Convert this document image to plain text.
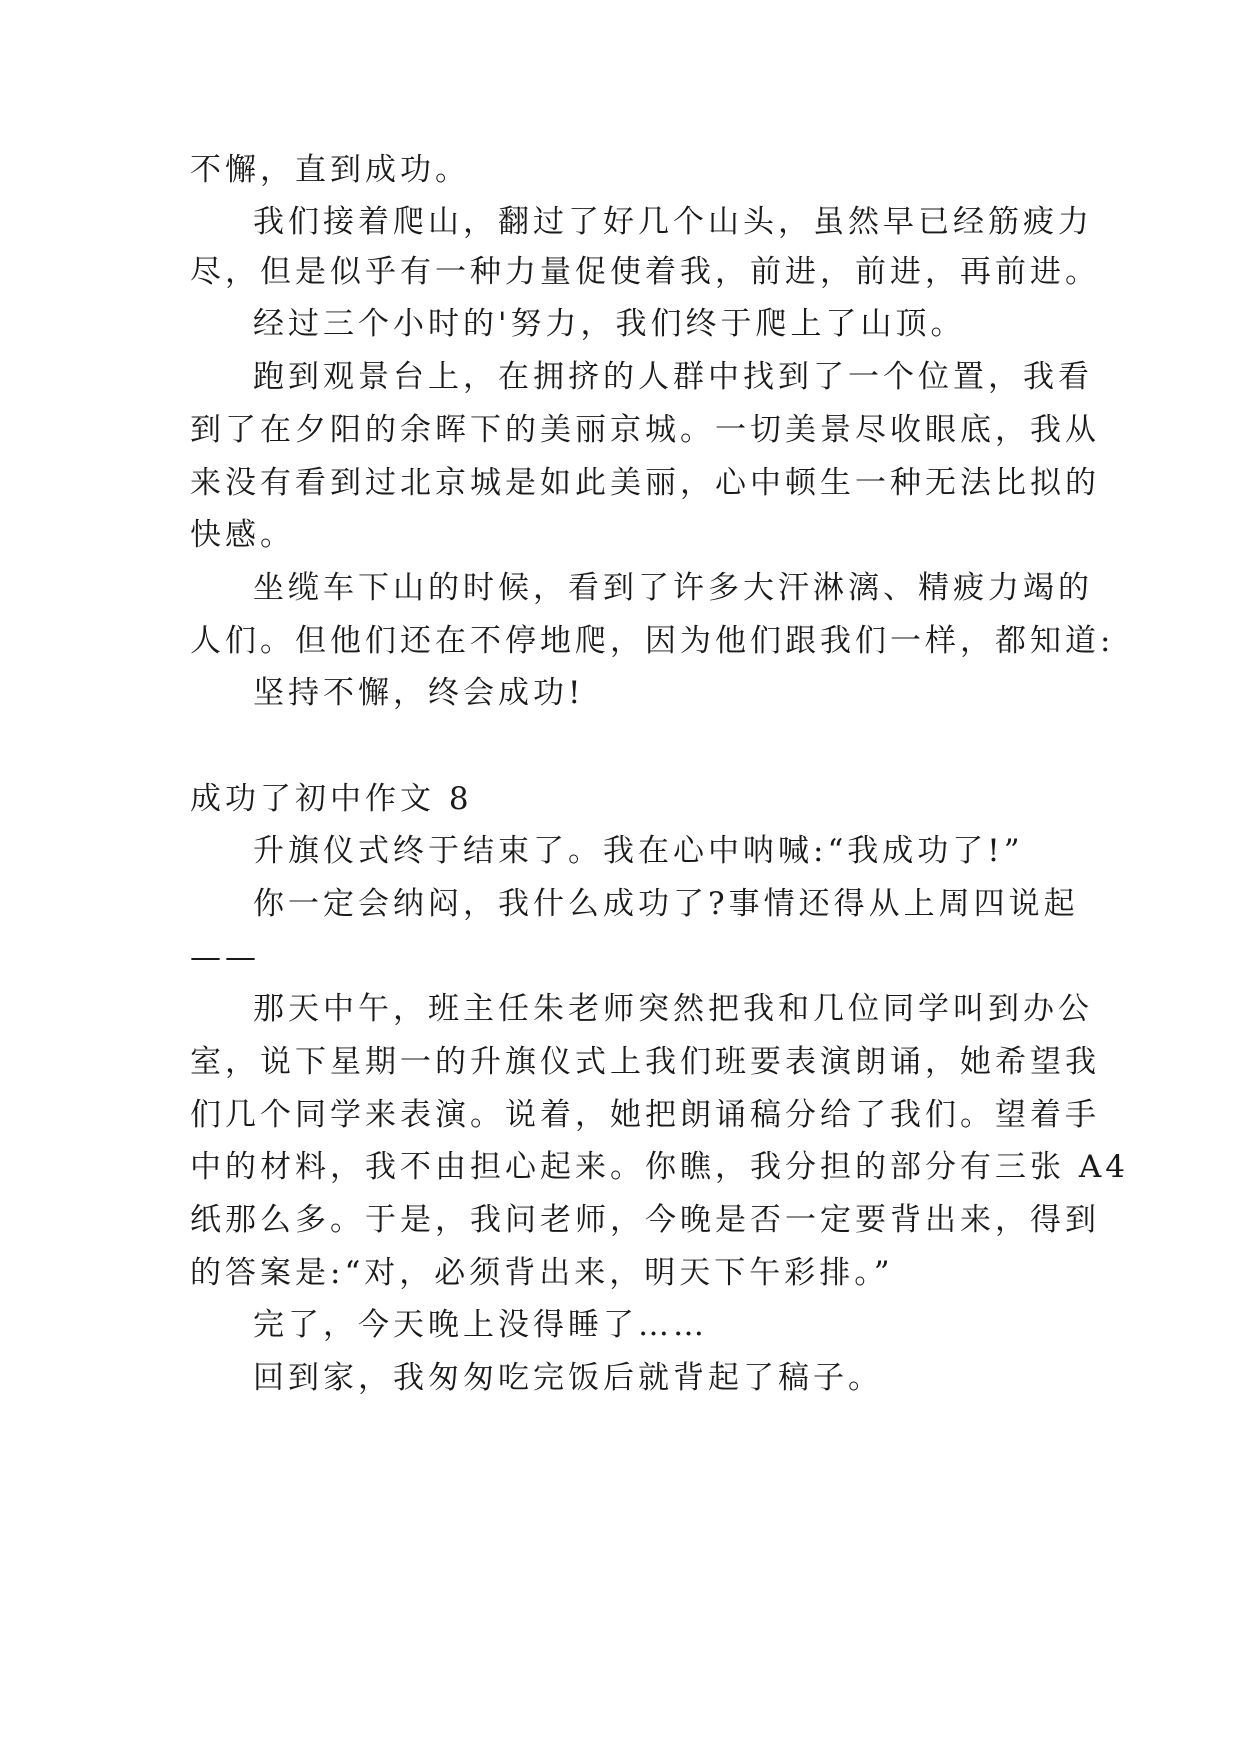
不懈，直到成功。
我们接着爬山，翻过了好几个山头，虽然早已经筋疲力
尽，但是似乎有一种力量促使着我，前进，前进，再前进。
经过三个小时的'努力，我们终于爬上了山顶。
跑到观景台上，在拥挤的人群中找到了一个位置，我看
到了在夕阳的余晖下的美丽京城。一切美景尽收眼底，我从
来没有看到过北京城是如此美丽，心中顿生一种无法比拟的
快感。
坐缆车下山的时候，看到了许多大汗淋漓、精疲力竭的
人们。但他们还在不停地爬，因为他们跟我们一样，都知道:
坚持不懈，终会成功!
成功了初中作文 8
升旗仪式终于结束了。我在心中呐喊:“我成功了!”
你一定会纳闷，我什么成功了?事情还得从上周四说起
——
那天中午，班主任朱老师突然把我和几位同学叫到办公
室，说下星期一的升旗仪式上我们班要表演朗诵，她希望我
们几个同学来表演。说着，她把朗诵稿分给了我们。望着手
中的材料，我不由担心起来。你瞧，我分担的部分有三张 A4
纸那么多。于是，我问老师，今晚是否一定要背出来，得到
的答案是:“对，必须背出来，明天下午彩排。”
完了，今天晚上没得睡了……
回到家，我匆匆吃完饭后就背起了稿子。
